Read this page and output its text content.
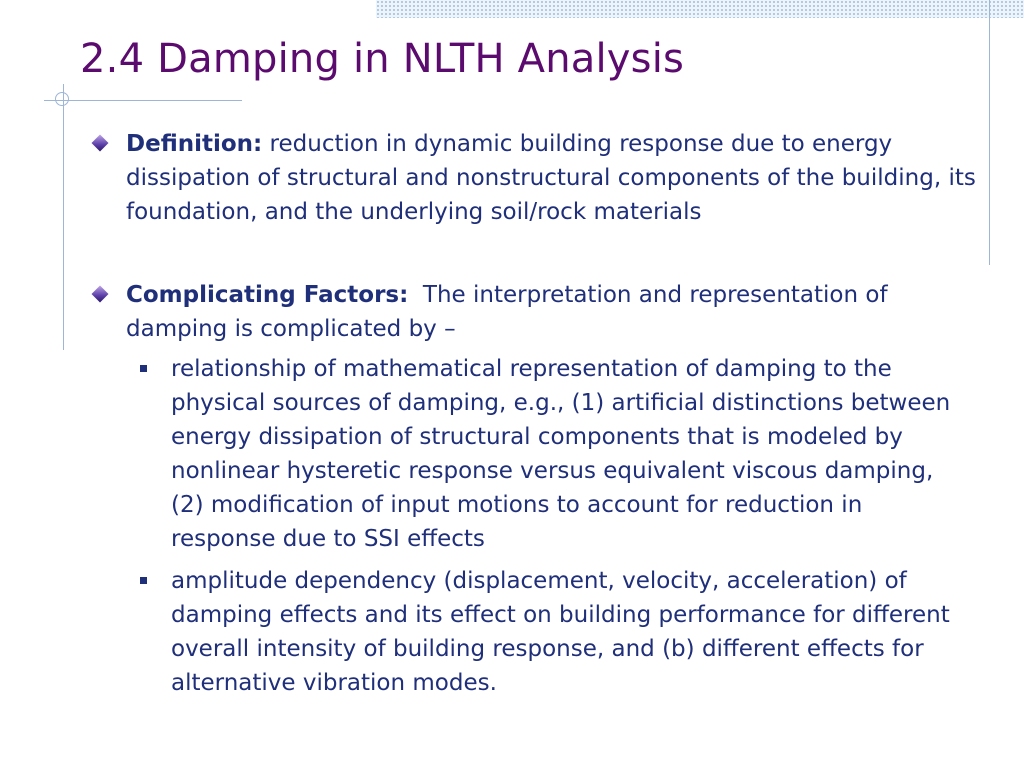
2.4 Damping in NLTH Analysis
Definition: reduction in dynamic building response due to energy dissipation of structural and nonstructural components of the building, its foundation, and the underlying soil/rock materials
Complicating Factors:  The interpretation and representation of damping is complicated by –
relationship of mathematical representation of damping to the physical sources of damping, e.g., (1) artificial distinctions between energy dissipation of structural components that is modeled by nonlinear hysteretic response versus equivalent viscous damping, (2) modification of input motions to account for reduction in response due to SSI effects
amplitude dependency (displacement, velocity, acceleration) of damping effects and its effect on building performance for different overall intensity of building response, and (b) different effects for alternative vibration modes.
